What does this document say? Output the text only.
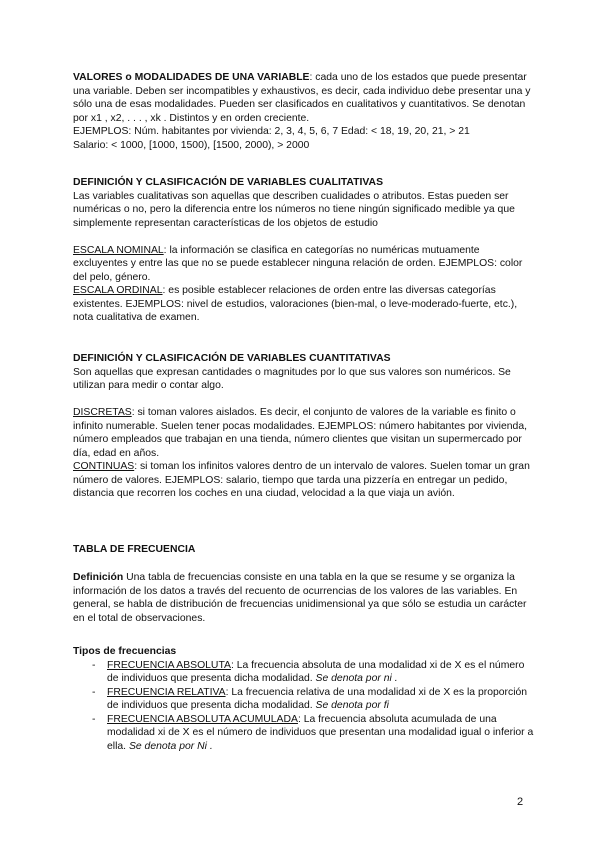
VALORES o MODALIDADES DE UNA VARIABLE: cada uno de los estados que puede presentar una variable. Deben ser incompatibles y exhaustivos, es decir, cada individuo debe presentar una y sólo una de esas modalidades. Pueden ser clasificados en cualitativos y cuantitativos. Se denotan por x1 , x2, . . . , xk . Distintos y en orden creciente.

EJEMPLOS: Núm. habitantes por vivienda: 2, 3, 4, 5, 6, 7 Edad: < 18, 19, 20, 21, > 21

Salario: < 1000, [1000, 1500), [1500, 2000), > 2000

DEFINICIÓN Y CLASIFICACIÓN DE VARIABLES CUALITATIVAS

Las variables cualitativas son aquellas que describen cualidades o atributos. Estas pueden ser numéricas o no, pero la diferencia entre los números no tiene ningún significado medible ya que simplemente representan características de los objetos de estudio

ESCALA NOMINAL: la información se clasifica en categorías no numéricas mutuamente excluyentes y entre las que no se puede establecer ninguna relación de orden. EJEMPLOS: color del pelo, género.

ESCALA ORDINAL: es posible establecer relaciones de orden entre las diversas categorías existentes. EJEMPLOS: nivel de estudios, valoraciones (bien-mal, o leve-moderado-fuerte, etc.), nota cualitativa de examen.

DEFINICIÓN Y CLASIFICACIÓN DE VARIABLES CUANTITATIVAS

Son aquellas que expresan cantidades o magnitudes por lo que sus valores son numéricos. Se utilizan para medir o contar algo.

DISCRETAS: si toman valores aislados. Es decir, el conjunto de valores de la variable es finito o infinito numerable. Suelen tener pocas modalidades. EJEMPLOS: número habitantes por vivienda, número empleados que trabajan en una tienda, número clientes que visitan un supermercado por día, edad en años.

CONTINUAS: si toman los infinitos valores dentro de un intervalo de valores. Suelen tomar un gran número de valores. EJEMPLOS: salario, tiempo que tarda una pizzería en entregar un pedido, distancia que recorren los coches en una ciudad, velocidad a la que viaja un avión.

TABLA DE FRECUENCIA

Definición Una tabla de frecuencias consiste en una tabla en la que se resume y se organiza la información de los datos a través del recuento de ocurrencias de los valores de las variables. En general, se habla de distribución de frecuencias unidimensional ya que sólo se estudia un carácter en el total de observaciones.

Tipos de frecuencias

- FRECUENCIA ABSOLUTA: La frecuencia absoluta de una modalidad xi de X es el número de individuos que presenta dicha modalidad. Se denota por ni .
- FRECUENCIA RELATIVA: La frecuencia relativa de una modalidad xi de X es la proporción de individuos que presenta dicha modalidad. Se denota por fi
- FRECUENCIA ABSOLUTA ACUMULADA: La frecuencia absoluta acumulada de una modalidad xi de X es el número de individuos que presentan una modalidad igual o inferior a ella. Se denota por Ni .
2
